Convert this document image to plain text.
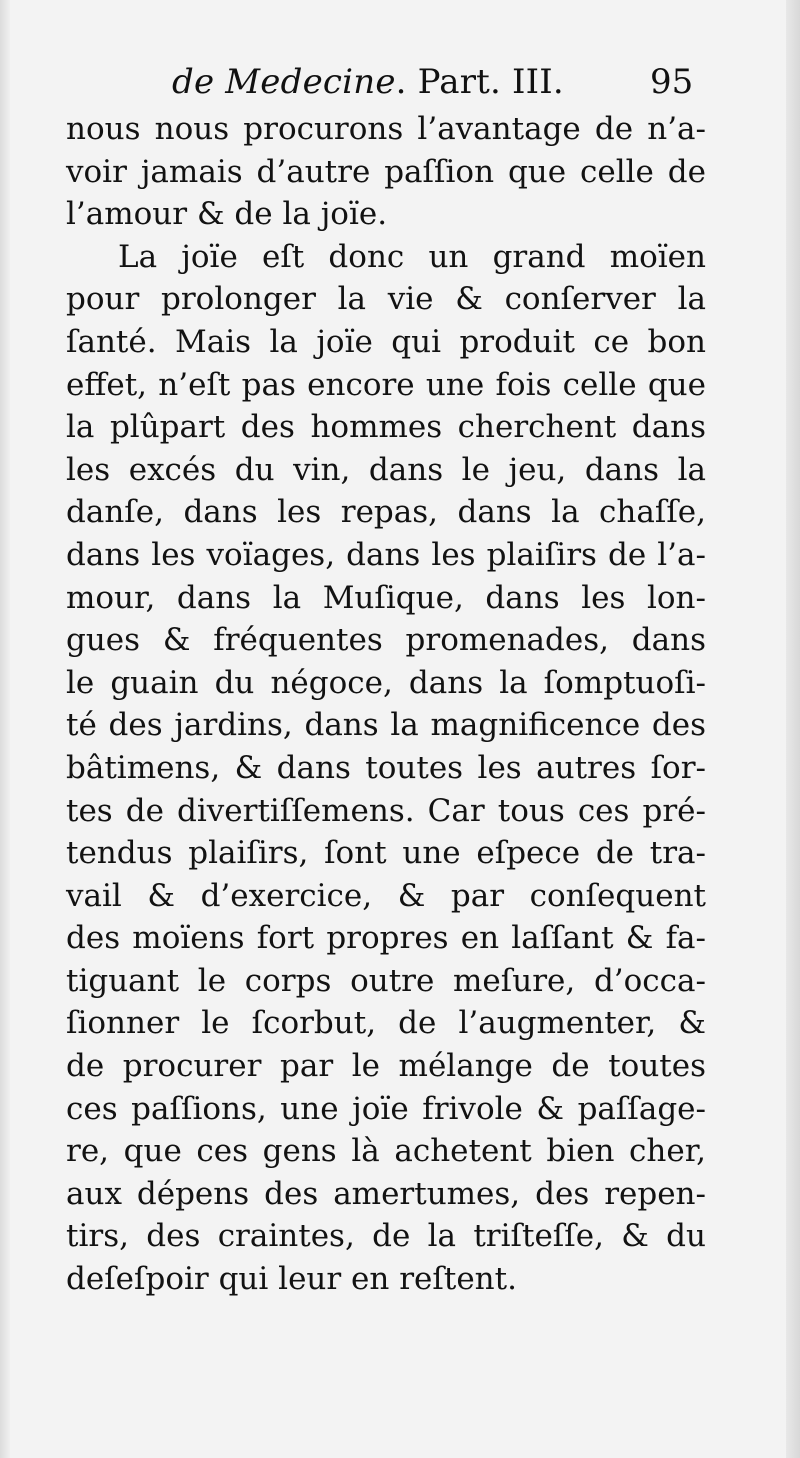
de Medecine. Part. III.	95
nous nous procurons l’avantage de n’a-
voir jamais d’autre paſſion que celle de
l’amour & de la joïe.
La joïe eſt donc un grand moïen
pour prolonger la vie & conſerver la
ſanté. Mais la joïe qui produit ce bon
effet, n’eſt pas encore une fois celle que
la plûpart des hommes cherchent dans
les excés du vin, dans le jeu, dans la
danſe, dans les repas, dans la chaſſe,
dans les voïages, dans les plaiſirs de l’a-
mour, dans la Muſique, dans les lon-
gues & fréquentes promenades, dans
le guain du négoce, dans la ſomptuoſi-
té des jardins, dans la magnificence des
bâtimens, & dans toutes les autres ſor-
tes de divertiſſemens. Car tous ces pré-
tendus plaiſirs, ſont une eſpece de tra-
vail & d’exercice, & par conſequent
des moïens fort propres en laſſant & fa-
tiguant le corps outre meſure, d’occa-
ſionner le ſcorbut, de l’augmenter, &
de procurer par le mélange de toutes
ces paſſions, une joïe frivole & paſſage-
re, que ces gens là achetent bien cher,
aux dépens des amertumes, des repen-
tirs, des craintes, de la triſteſſe, & du
deſeſpoir qui leur en reſtent.
